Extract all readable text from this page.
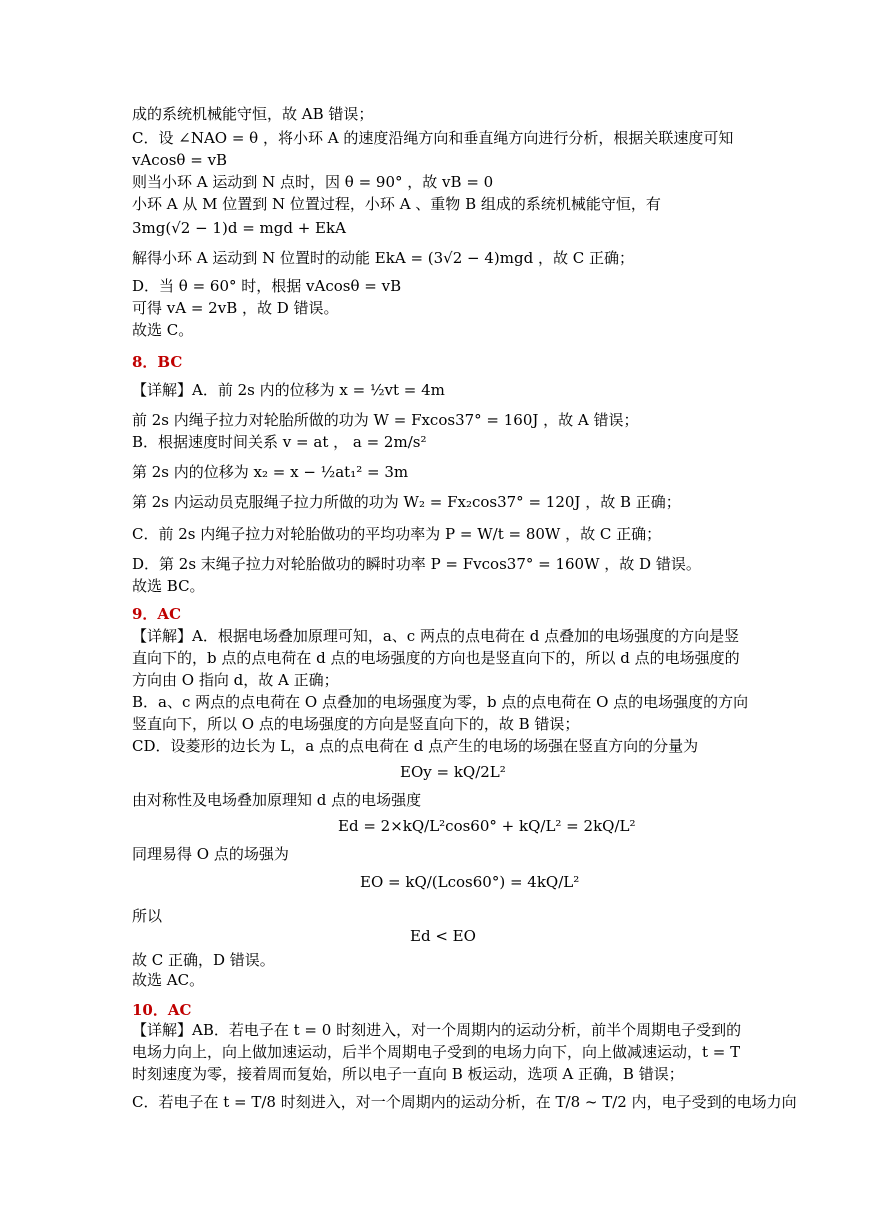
成的系统机械能守恒，故 AB 错误；
C．设 ∠NAO = θ ，将小环 A 的速度沿绳方向和垂直绳方向进行分析，根据关联速度可知
vAcosθ = vB
则当小环 A 运动到 N 点时，因 θ = 90° ，故 vB = 0
小环 A 从 M 位置到 N 位置过程，小环 A 、重物 B 组成的系统机械能守恒，有
3mg(√2 − 1)d = mgd + EkA
解得小环 A 运动到 N 位置时的动能 EkA = (3√2 − 4)mgd ，故 C 正确；
D．当 θ = 60° 时，根据 vAcosθ = vB
可得 vA = 2vB ，故 D 错误。
故选 C。
8．BC
【详解】A．前 2s 内的位移为 x = ½vt = 4m
前 2s 内绳子拉力对轮胎所做的功为 W = Fxcos37° = 160J ，故 A 错误；
B．根据速度时间关系 v = at ， a = 2m/s²
第 2s 内的位移为 x₂ = x − ½at₁² = 3m
第 2s 内运动员克服绳子拉力所做的功为 W₂ = Fx₂cos37° = 120J ，故 B 正确；
C．前 2s 内绳子拉力对轮胎做功的平均功率为 P = W/t = 80W ，故 C 正确；
D．第 2s 末绳子拉力对轮胎做功的瞬时功率 P = Fvcos37° = 160W ，故 D 错误。
故选 BC。
9．AC
【详解】A．根据电场叠加原理可知，a、c 两点的点电荷在 d 点叠加的电场强度的方向是竖
直向下的，b 点的点电荷在 d 点的电场强度的方向也是竖直向下的，所以 d 点的电场强度的
方向由 O 指向 d，故 A 正确；
B．a、c 两点的点电荷在 O 点叠加的电场强度为零，b 点的点电荷在 O 点的电场强度的方向
竖直向下，所以 O 点的电场强度的方向是竖直向下的，故 B 错误；
CD．设菱形的边长为 L，a 点的点电荷在 d 点产生的电场的场强在竖直方向的分量为
EOy = kQ/2L²
由对称性及电场叠加原理知 d 点的电场强度
Ed = 2×kQ/L²cos60° + kQ/L² = 2kQ/L²
同理易得 O 点的场强为
EO = kQ/(Lcos60°) = 4kQ/L²
所以
Ed < EO
故 C 正确，D 错误。
故选 AC。
10．AC
【详解】AB．若电子在 t = 0 时刻进入，对一个周期内的运动分析，前半个周期电子受到的
电场力向上，向上做加速运动，后半个周期电子受到的电场力向下，向上做减速运动，t = T
时刻速度为零，接着周而复始，所以电子一直向 B 板运动，选项 A 正确，B 错误；
C．若电子在 t = T/8 时刻进入，对一个周期内的运动分析，在 T/8 ~ T/2 内，电子受到的电场力向
